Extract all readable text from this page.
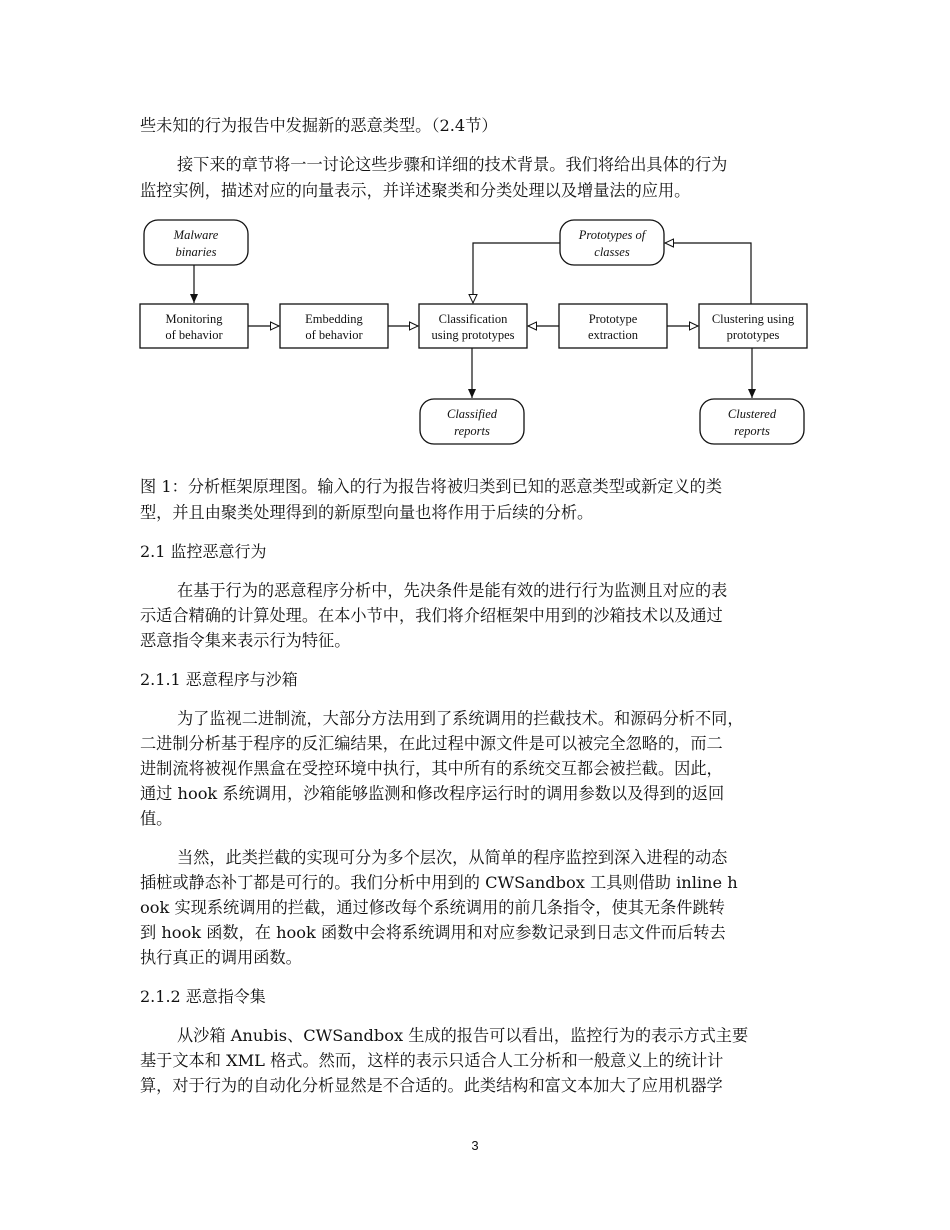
些未知的行为报告中发掘新的恶意类型。（2.4节）

接下来的章节将一一讨论这些步骤和详细的技术背景。我们将给出具体的行为

监控实例，描述对应的向量表示，并详述聚类和分类处理以及增量法的应用。

Malware
binaries
Prototypes of
classes
Monitoring
of behavior
Embedding
of behavior
Classification
using prototypes
Prototype
extraction
Clustering using
prototypes
Classified
reports
Clustered
reports

图 1：分析框架原理图。输入的行为报告将被归类到已知的恶意类型或新定义的类

型，并且由聚类处理得到的新原型向量也将作用于后续的分析。

2.1 监控恶意行为

在基于行为的恶意程序分析中，先决条件是能有效的进行行为监测且对应的表

示适合精确的计算处理。在本小节中，我们将介绍框架中用到的沙箱技术以及通过

恶意指令集来表示行为特征。

2.1.1 恶意程序与沙箱

为了监视二进制流，大部分方法用到了系统调用的拦截技术。和源码分析不同，

二进制分析基于程序的反汇编结果，在此过程中源文件是可以被完全忽略的，而二

进制流将被视作黑盒在受控环境中执行，其中所有的系统交互都会被拦截。因此，

通过 hook 系统调用，沙箱能够监测和修改程序运行时的调用参数以及得到的返回

值。

当然，此类拦截的实现可分为多个层次，从简单的程序监控到深入进程的动态

插桩或静态补丁都是可行的。我们分析中用到的 CWSandbox 工具则借助 inline h

ook 实现系统调用的拦截，通过修改每个系统调用的前几条指令，使其无条件跳转

到 hook 函数，在 hook 函数中会将系统调用和对应参数记录到日志文件而后转去

执行真正的调用函数。

2.1.2 恶意指令集

从沙箱 Anubis、CWSandbox 生成的报告可以看出，监控行为的表示方式主要

基于文本和 XML 格式。然而，这样的表示只适合人工分析和一般意义上的统计计

算，对于行为的自动化分析显然是不合适的。此类结构和富文本加大了应用机器学

3
